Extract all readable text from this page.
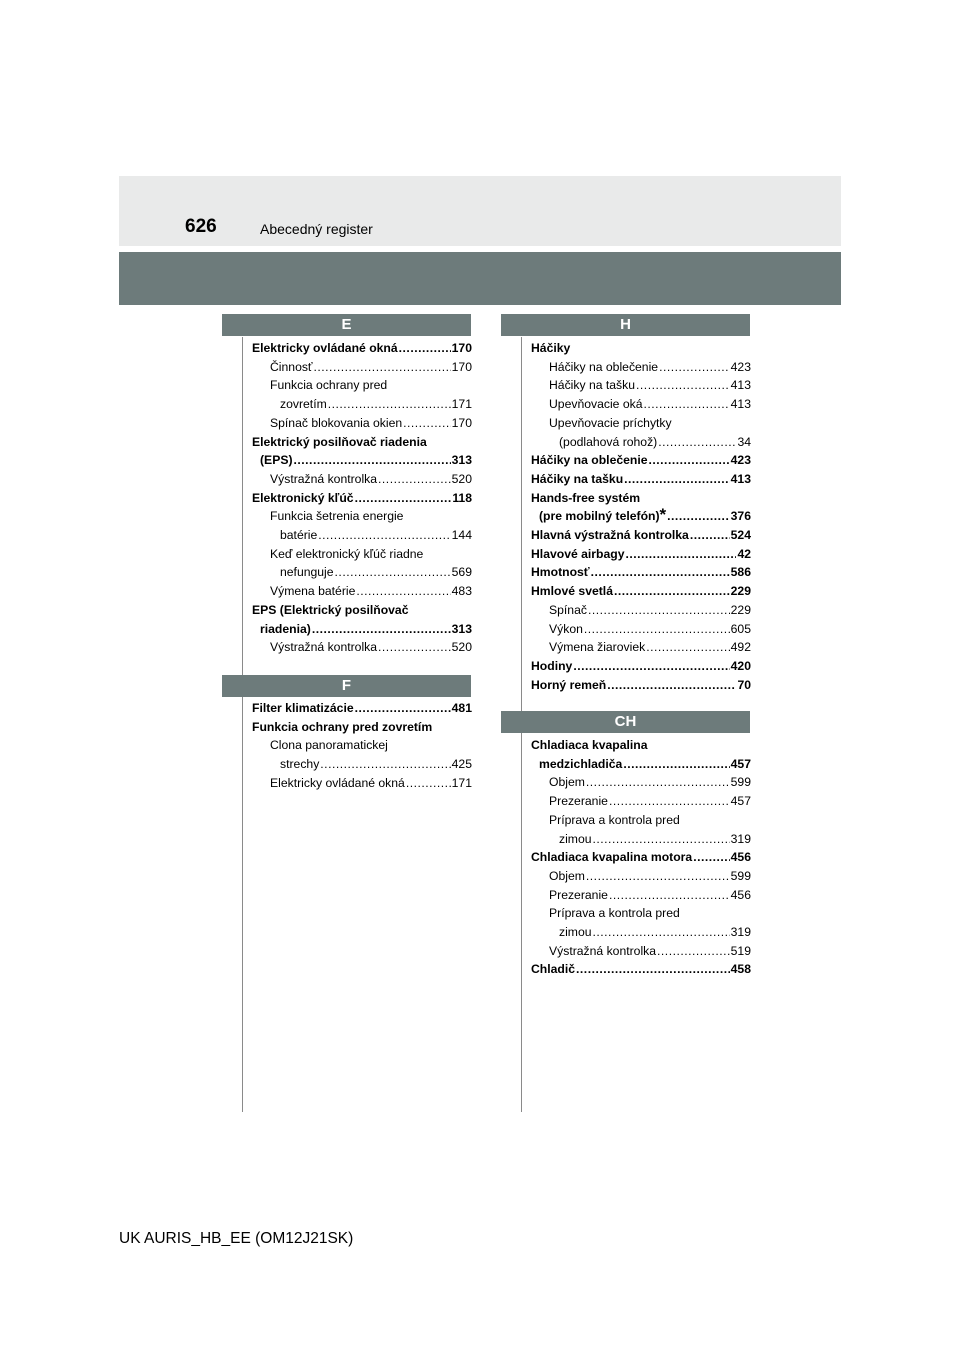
626	Abecedný register
E
Elektricky ovládané okná .....	170
Činnosť .....	170
Funkcia ochrany pred
zovretím .....	171
Spínač blokovania okien .....	170
Elektrický posilňovač riadenia
(EPS) .....	313
Výstražná kontrolka .....	520
Elektronický kľúč .....	118
Funkcia šetrenia energie
batérie .....	144
Keď elektronický kľúč riadne
nefunguje .....	569
Výmena batérie .....	483
EPS (Elektrický posilňovač
riadenia) .....	313
Výstražná kontrolka .....	520
F
Filter klimatizácie .....	481
Funkcia ochrany pred zovretím
Clona panoramatickej
strechy .....	425
Elektricky ovládané okná .....	171
H
Háčiky
Háčiky na oblečenie .....	423
Háčiky na tašku .....	413
Upevňovacie oká .....	413
Upevňovacie príchytky
(podlahová rohož) .....	34
Háčiky na oblečenie .....	423
Háčiky na tašku .....	413
Hands-free systém
(pre mobilný telefón) * .....	376
Hlavná výstražná kontrolka .....	524
Hlavové airbagy .....	42
Hmotnosť .....	586
Hmlové svetlá .....	229
Spínač .....	229
Výkon .....	605
Výmena žiaroviek .....	492
Hodiny .....	420
Horný remeň .....	70
CH
Chladiaca kvapalina
medzichladiča .....	457
Objem .....	599
Prezeranie .....	457
Príprava a kontrola pred
zimou .....	319
Chladiaca kvapalina motora .....	456
Objem .....	599
Prezeranie .....	456
Príprava a kontrola pred
zimou .....	319
Výstražná kontrolka .....	519
Chladič .....	458
UK AURIS_HB_EE (OM12J21SK)
